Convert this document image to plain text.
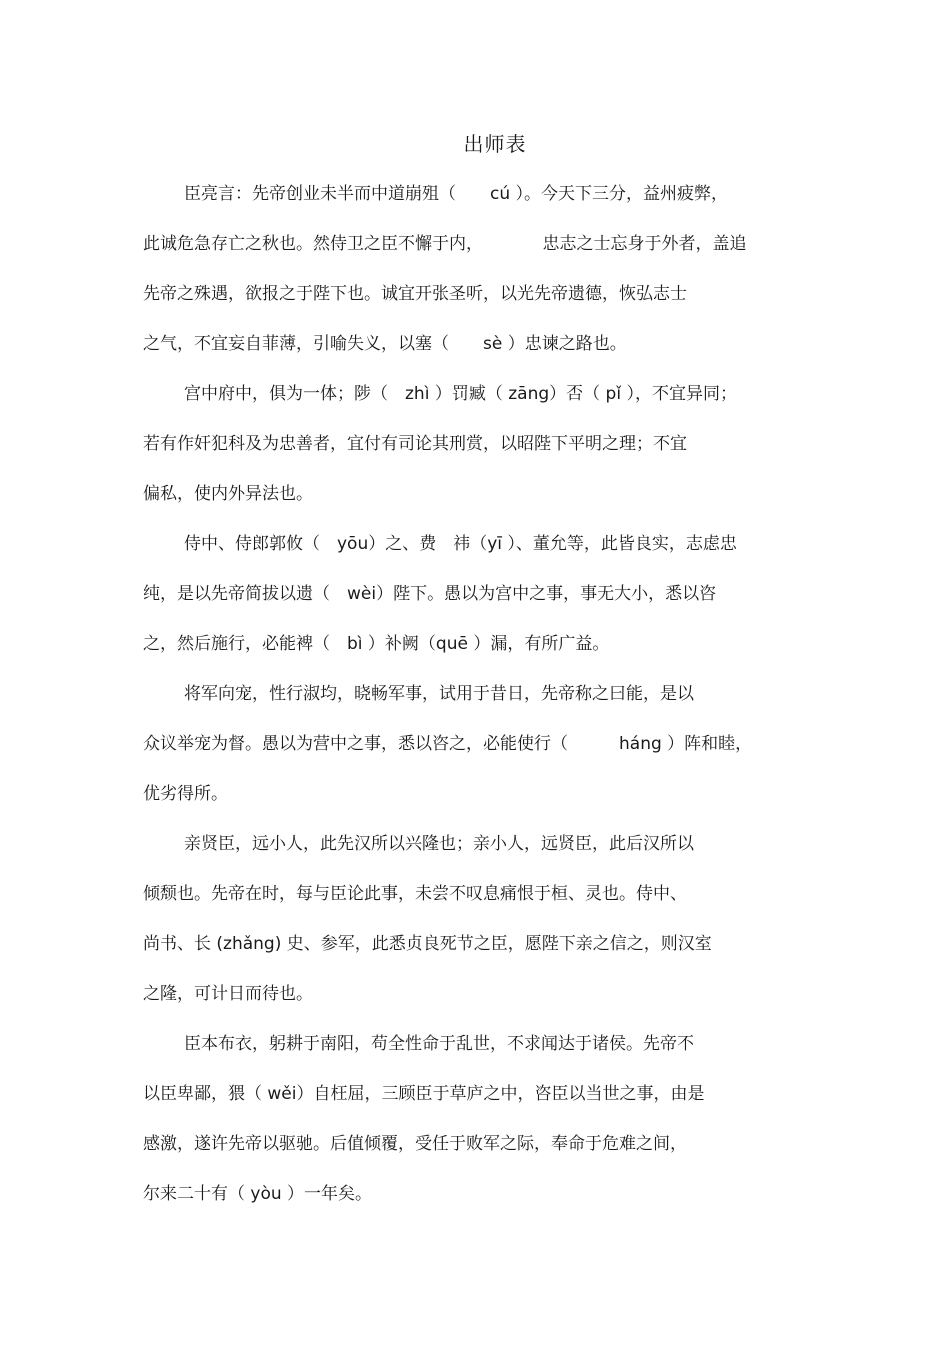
出师表
臣亮言：先帝创业未半而中道崩殂（　　cú ）。今天下三分，益州疲弊，
此诚危急存亡之秋也。然侍卫之臣不懈于内，　　　　忠志之士忘身于外者，盖追
先帝之殊遇，欲报之于陛下也。诚宜开张圣听，以光先帝遗德，恢弘志士
之气，不宜妄自菲薄，引喻失义，以塞（　　sè ）忠谏之路也。
宫中府中，俱为一体；陟（　zhì ）罚臧（ zāng）否（ pǐ ），不宜异同；
若有作奸犯科及为忠善者，宜付有司论其刑赏，以昭陛下平明之理；不宜
偏私，使内外异法也。
侍中、侍郎郭攸（　yōu）之、费　祎（yī ）、董允等，此皆良实，志虑忠
纯，是以先帝简拔以遗（　wèi）陛下。愚以为宫中之事，事无大小，悉以咨
之，然后施行，必能裨（　bì ）补阙（quē ）漏，有所广益。
将军向宠，性行淑均，晓畅军事，试用于昔日，先帝称之曰能，是以
众议举宠为督。愚以为营中之事，悉以咨之，必能使行（　　　háng ）阵和睦，
优劣得所。
亲贤臣，远小人，此先汉所以兴隆也；亲小人，远贤臣，此后汉所以
倾颓也。先帝在时，每与臣论此事，未尝不叹息痛恨于桓、灵也。侍中、
尚书、长 (zhǎng) 史、参军，此悉贞良死节之臣，愿陛下亲之信之，则汉室
之隆，可计日而待也。
臣本布衣，躬耕于南阳，苟全性命于乱世，不求闻达于诸侯。先帝不
以臣卑鄙，猥（ wěi）自枉屈，三顾臣于草庐之中，咨臣以当世之事，由是
感激，遂许先帝以驱驰。后值倾覆，受任于败军之际，奉命于危难之间，
尔来二十有（ yòu ）一年矣。
